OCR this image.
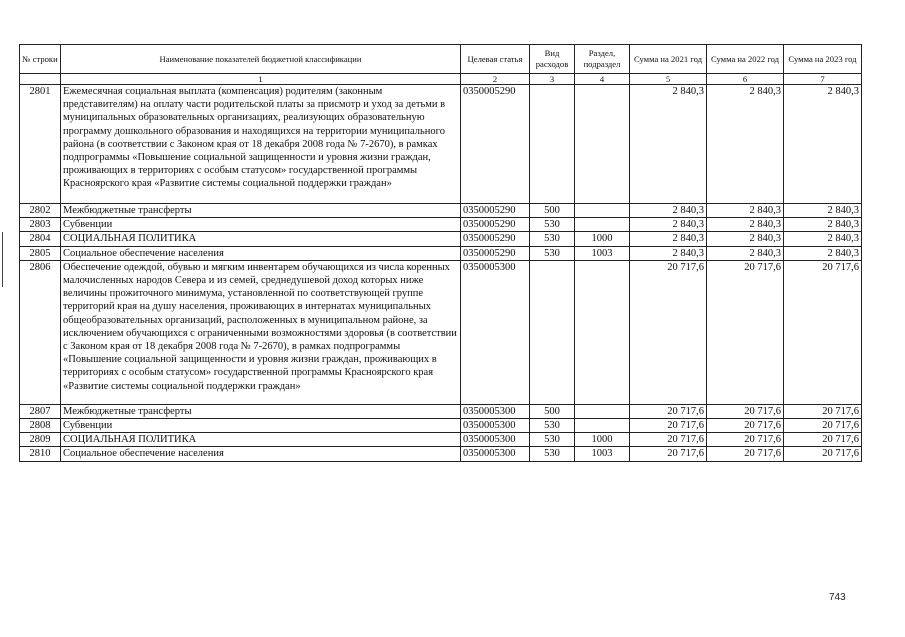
№ строки	Наименование показателей бюджетной классификации	Целевая статья	Вид расходов	Раздел, подраздел	Сумма на 2021 год	Сумма на 2022 год	Сумма на 2023 год
	1	2	3	4	5	6	7
2801	Ежемесячная социальная выплата (компенсация) родителям (законным представителям) на оплату части родительской платы за присмотр и уход за детьми в муниципальных образовательных организациях, реализующих образовательную программу дошкольного образования и находящихся на территории муниципального района (в соответствии с Законом края от 18 декабря 2008 года № 7-2670), в рамках подпрограммы «Повышение социальной защищенности и уровня жизни граждан, проживающих в территориях с особым статусом» государственной программы Красноярского края «Развитие системы социальной поддержки граждан»	0350005290			2 840,3	2 840,3	2 840,3
2802	Межбюджетные трансферты	0350005290	500		2 840,3	2 840,3	2 840,3
2803	Субвенции	0350005290	530		2 840,3	2 840,3	2 840,3
2804	СОЦИАЛЬНАЯ ПОЛИТИКА	0350005290	530	1000	2 840,3	2 840,3	2 840,3
2805	Социальное обеспечение населения	0350005290	530	1003	2 840,3	2 840,3	2 840,3
2806	Обеспечение одеждой, обувью и мягким инвентарем обучающихся из числа коренных малочисленных народов Севера и из семей, среднедушевой доход которых ниже величины прожиточного минимума, установленной по соответствующей группе территорий края на душу населения, проживающих в интернатах муниципальных общеобразовательных организаций, расположенных в муниципальном районе, за исключением обучающихся с ограниченными возможностями здоровья (в соответствии с Законом края от 18 декабря 2008 года № 7-2670), в рамках подпрограммы «Повышение социальной защищенности и уровня жизни граждан, проживающих в территориях с особым статусом» государственной программы Красноярского края «Развитие системы социальной поддержки граждан»	0350005300			20 717,6	20 717,6	20 717,6
2807	Межбюджетные трансферты	0350005300	500		20 717,6	20 717,6	20 717,6
2808	Субвенции	0350005300	530		20 717,6	20 717,6	20 717,6
2809	СОЦИАЛЬНАЯ ПОЛИТИКА	0350005300	530	1000	20 717,6	20 717,6	20 717,6
2810	Социальное обеспечение населения	0350005300	530	1003	20 717,6	20 717,6	20 717,6
743
